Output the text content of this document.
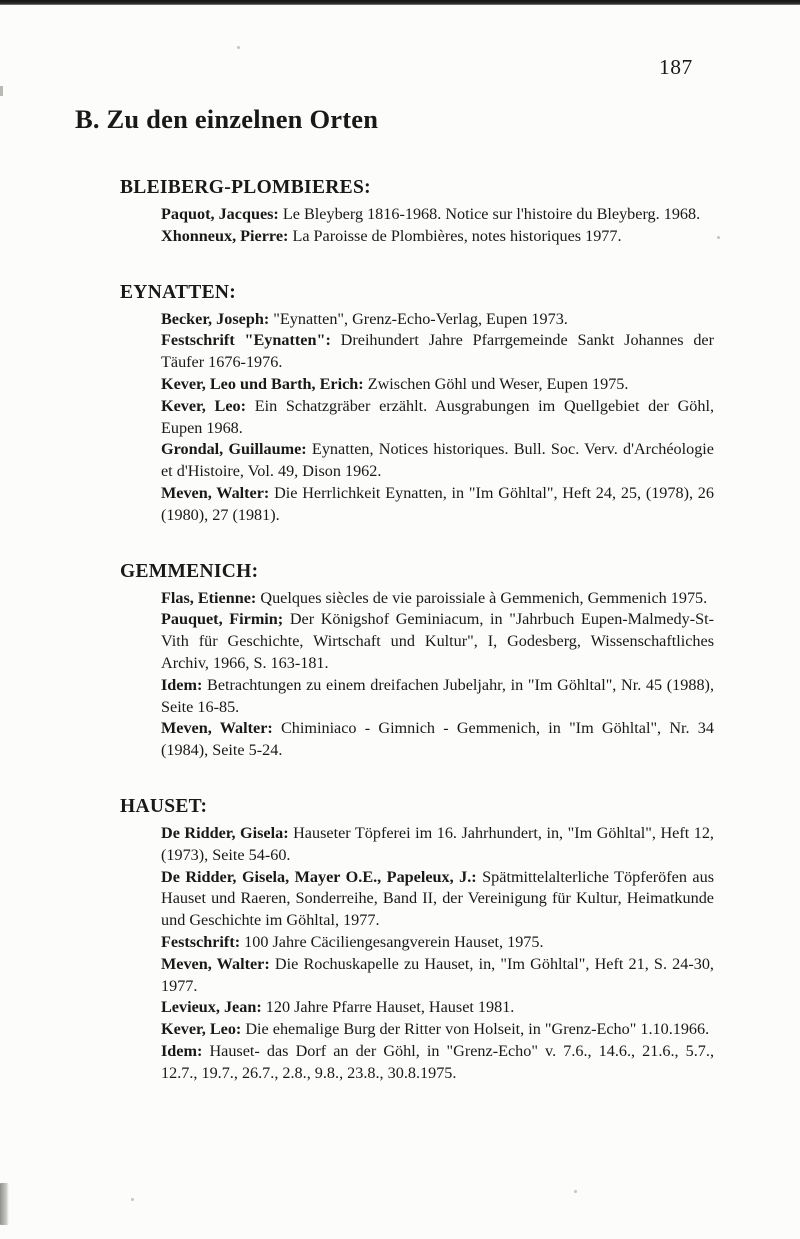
187
B. Zu den einzelnen Orten
BLEIBERG-PLOMBIERES:

Paquot, Jacques: Le Bleyberg 1816-1968. Notice sur l'histoire du Bleyberg. 1968.

Xhonneux, Pierre: La Paroisse de Plombières, notes historiques 1977.

EYNATTEN:

Becker, Joseph: "Eynatten", Grenz-Echo-Verlag, Eupen 1973.

Festschrift "Eynatten": Dreihundert Jahre Pfarrgemeinde Sankt Johannes der Täufer 1676-1976.

Kever, Leo und Barth, Erich: Zwischen Göhl und Weser, Eupen 1975.

Kever, Leo: Ein Schatzgräber erzählt. Ausgrabungen im Quellgebiet der Göhl, Eupen 1968.

Grondal, Guillaume: Eynatten, Notices historiques. Bull. Soc. Verv. d'Archéologie et d'Histoire, Vol. 49, Dison 1962.

Meven, Walter: Die Herrlichkeit Eynatten, in "Im Göhltal", Heft 24, 25, (1978), 26 (1980), 27 (1981).

GEMMENICH:

Flas, Etienne: Quelques siècles de vie paroissiale à Gemmenich, Gemmenich 1975.

Pauquet, Firmin; Der Königshof Geminiacum, in "Jahrbuch Eupen-Malmedy-St-Vith für Geschichte, Wirtschaft und Kultur", I, Godesberg, Wissenschaftliches Archiv, 1966, S. 163-181.

Idem: Betrachtungen zu einem dreifachen Jubeljahr, in "Im Göhltal", Nr. 45 (1988), Seite 16-85.

Meven, Walter: Chiminiaco - Gimnich - Gemmenich, in "Im Göhltal", Nr. 34 (1984), Seite 5-24.

HAUSET:

De Ridder, Gisela: Hauseter Töpferei im 16. Jahrhundert, in, "Im Göhltal", Heft 12, (1973), Seite 54-60.

De Ridder, Gisela, Mayer O.E., Papeleux, J.: Spätmittelalterliche Töpferöfen aus Hauset und Raeren, Sonderreihe, Band II, der Vereinigung für Kultur, Heimatkunde und Geschichte im Göhltal, 1977.

Festschrift: 100 Jahre Cäciliengesangverein Hauset, 1975.

Meven, Walter: Die Rochuskapelle zu Hauset, in, "Im Göhltal", Heft 21, S. 24-30, 1977.

Levieux, Jean: 120 Jahre Pfarre Hauset, Hauset 1981.

Kever, Leo: Die ehemalige Burg der Ritter von Holseit, in "Grenz-Echo" 1.10.1966.

Idem: Hauset- das Dorf an der Göhl, in "Grenz-Echo" v. 7.6., 14.6., 21.6., 5.7., 12.7., 19.7., 26.7., 2.8., 9.8., 23.8., 30.8.1975.
